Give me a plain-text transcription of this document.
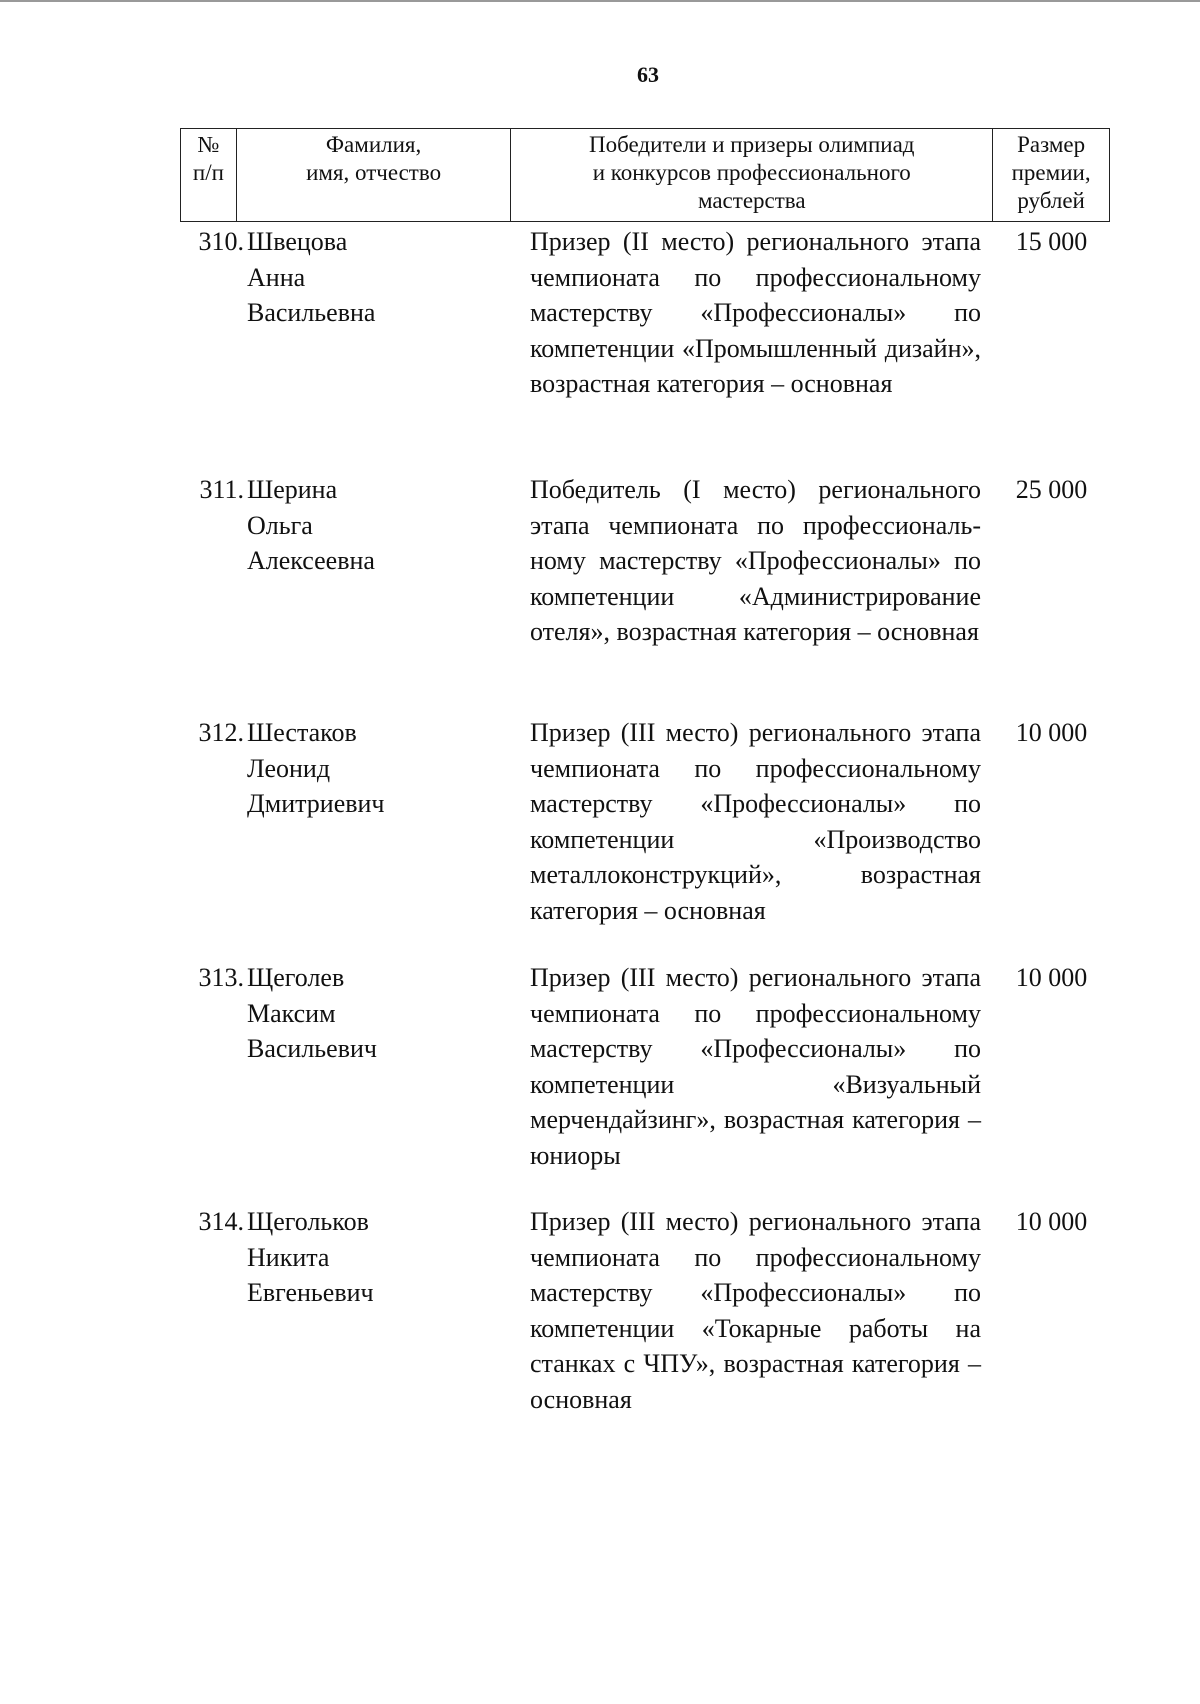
63
№
п/п
Фамилия,
имя, отчество
Победители и призеры олимпиад
и конкурсов профессионального
мастерства
Размер
премии,
рублей
310. Швецова
Анна
Васильевна
Призер (II место) регионального этапа чемпионата по профессиональному мастерству «Профессионалы» по компетенции «Промышленный дизайн», возрастная категория – основная
15 000
311. Шерина
Ольга
Алексеевна
Победитель (I место) регионального этапа чемпионата по профессиональному мастерству «Профессионалы» по компетенции «Администрирование отеля», возрастная категория – основная
25 000
312. Шестаков
Леонид
Дмитриевич
Призер (III место) регионального этапа чемпионата по профессиональному мастерству «Профессионалы» по компетенции «Производство металлоконструкций», возрастная категория – основная
10 000
313. Щеголев
Максим
Васильевич
Призер (III место) регионального этапа чемпионата по профессиональному мастерству «Профессионалы» по компетенции «Визуальный мерчендайзинг», возрастная категория – юниоры
10 000
314. Щегольков
Никита
Евгеньевич
Призер (III место) регионального этапа чемпионата по профессиональному мастерству «Профессионалы» по компетенции «Токарные работы на станках с ЧПУ», возрастная категория – основная
10 000
